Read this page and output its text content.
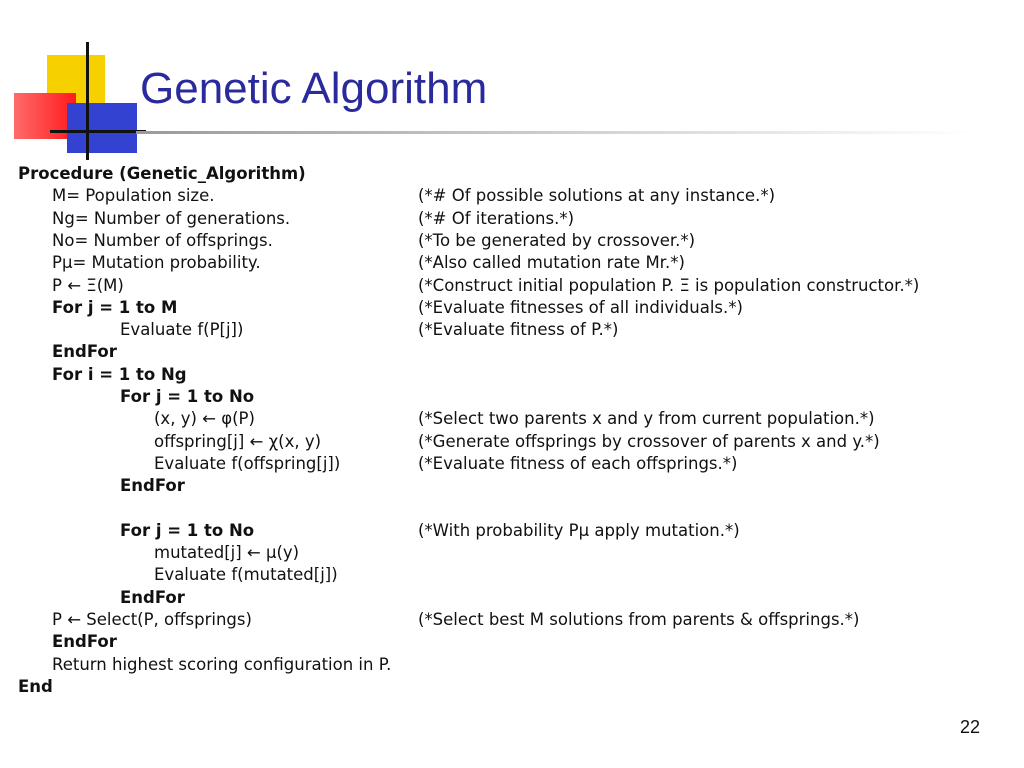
Genetic Algorithm
Procedure (Genetic_Algorithm)
M= Population size.	(*# Of possible solutions at any instance.*)
Ng= Number of generations.	(*# Of iterations.*)
No= Number of offsprings.	(*To be generated by crossover.*)
Pμ= Mutation probability.	(*Also called mutation rate Mr.*)
P ← Ξ(M)	(*Construct initial population P. Ξ is population constructor.*)
For j = 1 to M	(*Evaluate fitnesses of all individuals.*)
Evaluate f(P[j])	(*Evaluate fitness of P.*)
EndFor
For i = 1 to Ng
For j = 1 to No
(x, y) ← φ(P)	(*Select two parents x and y from current population.*)
offspring[j] ← χ(x, y)	(*Generate offsprings by crossover of parents x and y.*)
Evaluate f(offspring[j])	(*Evaluate fitness of each offsprings.*)
EndFor
For j = 1 to No	(*With probability Pμ apply mutation.*)
mutated[j] ← μ(y)
Evaluate f(mutated[j])
EndFor
P ← Select(P, offsprings)	(*Select best M solutions from parents & offsprings.*)
EndFor
Return highest scoring configuration in P.
End
22
